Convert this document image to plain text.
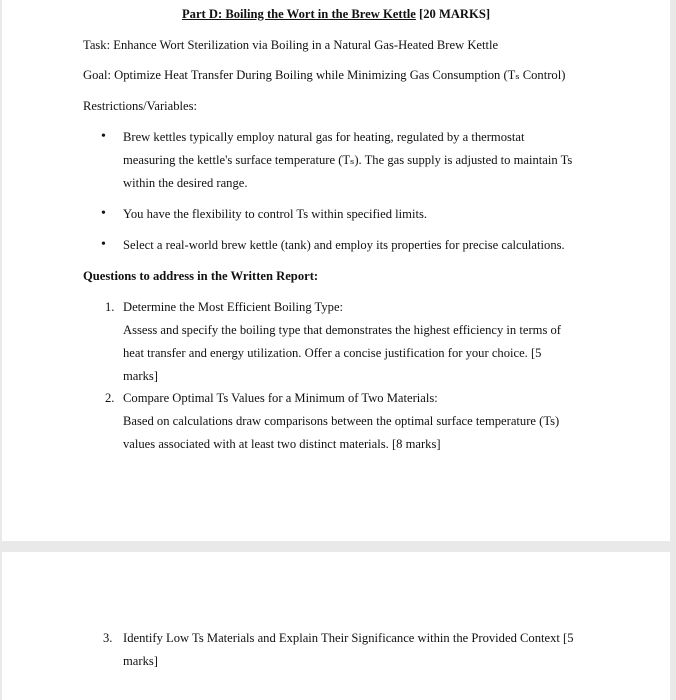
Part D: Boiling the Wort in the Brew Kettle [20 MARKS]
Task: Enhance Wort Sterilization via Boiling in a Natural Gas-Heated Brew Kettle
Goal: Optimize Heat Transfer During Boiling while Minimizing Gas Consumption (Tₛ Control)
Restrictions/Variables:
• Brew kettles typically employ natural gas for heating, regulated by a thermostat
measuring the kettle's surface temperature (Tₛ). The gas supply is adjusted to maintain Ts
within the desired range.
• You have the flexibility to control Ts within specified limits.
• Select a real-world brew kettle (tank) and employ its properties for precise calculations.
Questions to address in the Written Report:
1. Determine the Most Efficient Boiling Type:
Assess and specify the boiling type that demonstrates the highest efficiency in terms of
heat transfer and energy utilization. Offer a concise justification for your choice. [5
marks]
2. Compare Optimal Ts Values for a Minimum of Two Materials:
Based on calculations draw comparisons between the optimal surface temperature (Ts)
values associated with at least two distinct materials. [8 marks]
3. Identify Low Ts Materials and Explain Their Significance within the Provided Context [5
marks]
